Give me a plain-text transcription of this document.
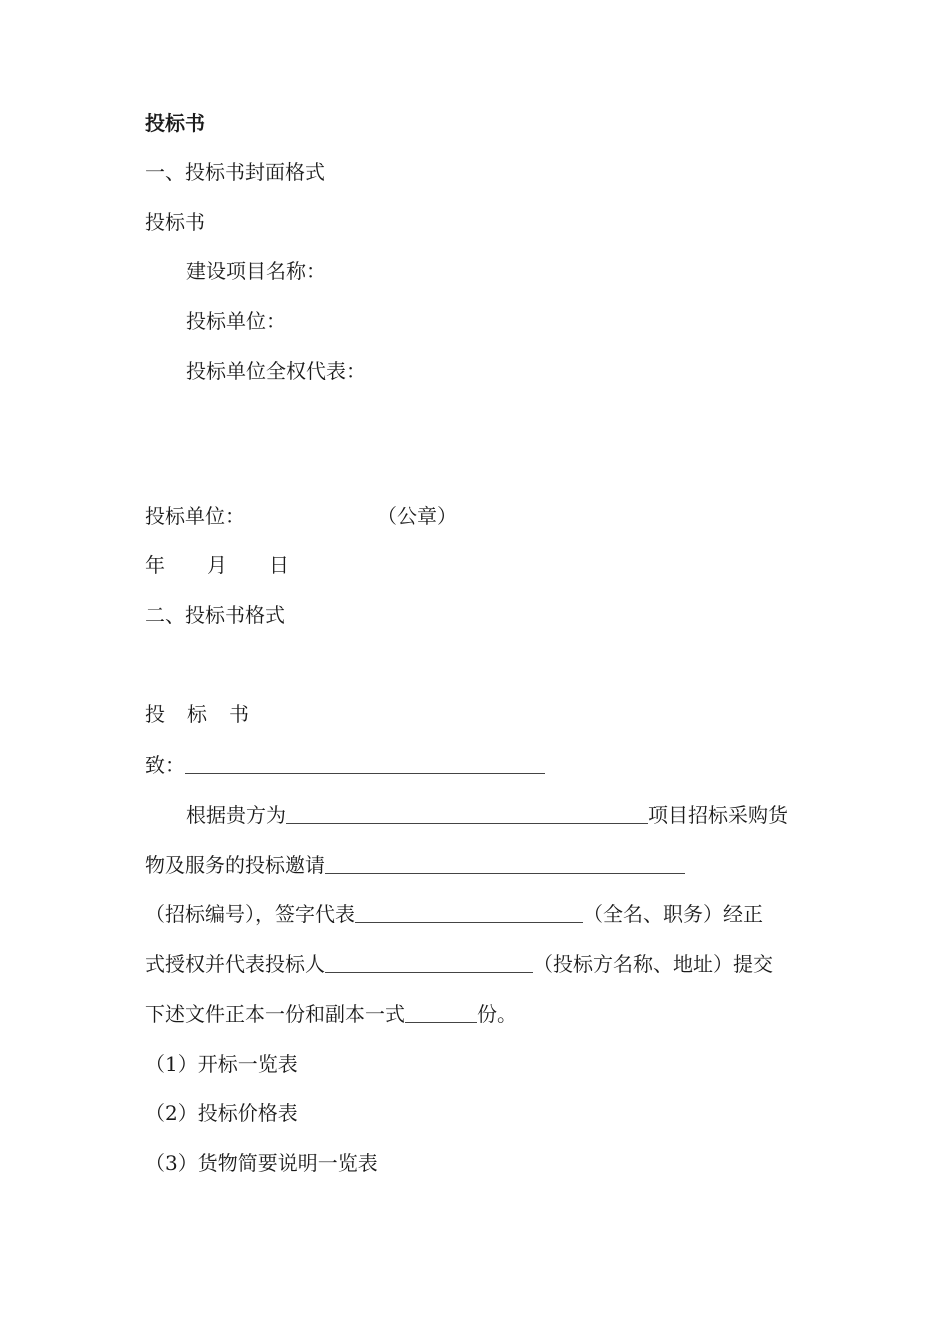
投标书
一、投标书封面格式
投标书
建设项目名称：
投标单位：
投标单位全权代表：
投标单位：	（公章）
年 月 日
二、投标书格式
投 标 书
致：
根据贵方为	项目招标采购货
物及服务的投标邀请
（招标编号），签字代表	（全名、职务）经正
式授权并代表投标人	（投标方名称、地址）提交
下述文件正本一份和副本一式	份。
（1）开标一览表
（2）投标价格表
（3）货物简要说明一览表
